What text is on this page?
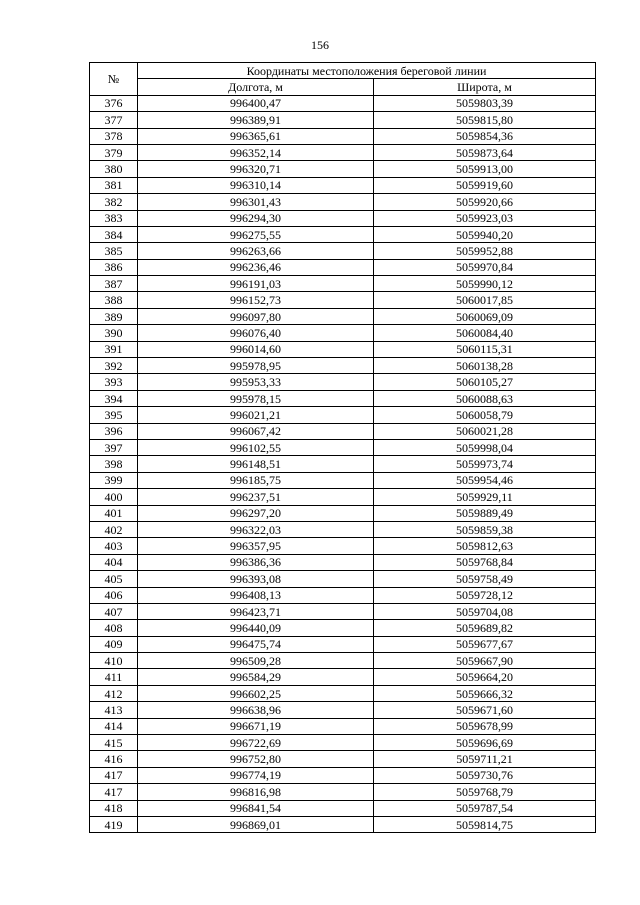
156
№	Координаты местоположения береговой линии	
	Долгота, м	Широта, м
376	996400,47	5059803,39
377	996389,91	5059815,80
378	996365,61	5059854,36
379	996352,14	5059873,64
380	996320,71	5059913,00
381	996310,14	5059919,60
382	996301,43	5059920,66
383	996294,30	5059923,03
384	996275,55	5059940,20
385	996263,66	5059952,88
386	996236,46	5059970,84
387	996191,03	5059990,12
388	996152,73	5060017,85
389	996097,80	5060069,09
390	996076,40	5060084,40
391	996014,60	5060115,31
392	995978,95	5060138,28
393	995953,33	5060105,27
394	995978,15	5060088,63
395	996021,21	5060058,79
396	996067,42	5060021,28
397	996102,55	5059998,04
398	996148,51	5059973,74
399	996185,75	5059954,46
400	996237,51	5059929,11
401	996297,20	5059889,49
402	996322,03	5059859,38
403	996357,95	5059812,63
404	996386,36	5059768,84
405	996393,08	5059758,49
406	996408,13	5059728,12
407	996423,71	5059704,08
408	996440,09	5059689,82
409	996475,74	5059677,67
410	996509,28	5059667,90
411	996584,29	5059664,20
412	996602,25	5059666,32
413	996638,96	5059671,60
414	996671,19	5059678,99
415	996722,69	5059696,69
416	996752,80	5059711,21
417	996774,19	5059730,76
417	996816,98	5059768,79
418	996841,54	5059787,54
419	996869,01	5059814,75
